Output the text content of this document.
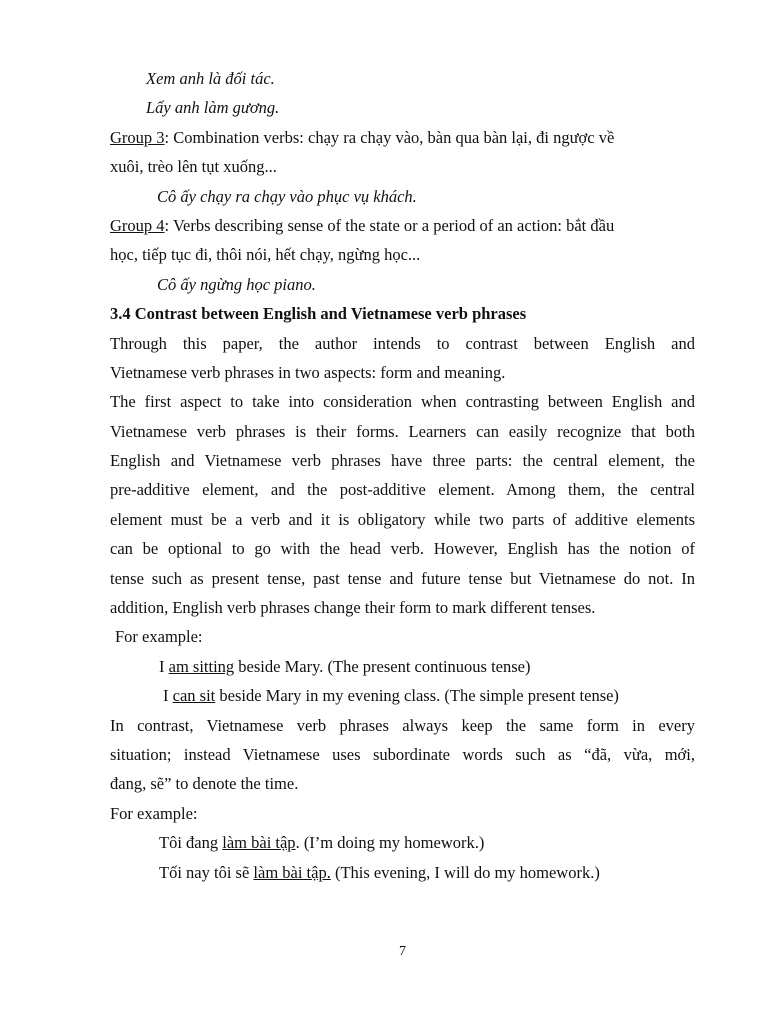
Xem anh là đối tác.
Lấy anh làm gương.
Group 3: Combination verbs: chạy ra chạy vào, bàn qua bàn lại, đi ngược về
xuôi, trèo lên tụt xuống...
Cô ấy chạy ra chạy vào phục vụ khách.
Group 4: Verbs describing sense of the state or a period of an action: bắt đầu
học, tiếp tục đi, thôi nói, hết chạy, ngừng học...
Cô ấy ngừng học piano.
3.4 Contrast between English and Vietnamese verb phrases
Through this paper, the author intends to contrast between English and
Vietnamese verb phrases in two aspects: form and meaning.
The first aspect to take into consideration when contrasting between English and
Vietnamese verb phrases is their forms. Learners can easily recognize that both
English and Vietnamese verb phrases have three parts: the central element, the
pre-additive element, and the post-additive element. Among them, the central
element must be a verb and it is obligatory while two parts of additive elements
can be optional to go with the head verb. However, English has the notion of
tense such as present tense, past tense and future tense but Vietnamese do not. In
addition, English verb phrases change their form to mark different tenses.
For example:
I am sitting beside Mary. (The present continuous tense)
I can sit beside Mary in my evening class. (The simple present tense)
In contrast, Vietnamese verb phrases always keep the same form in every
situation; instead Vietnamese uses subordinate words such as “đã, vừa, mới,
đang, sẽ” to denote the time.
For example:
Tôi đang làm bài tập. (I’m doing my homework.)
Tối nay tôi sẽ làm bài tập. (This evening, I will do my homework.)
7
